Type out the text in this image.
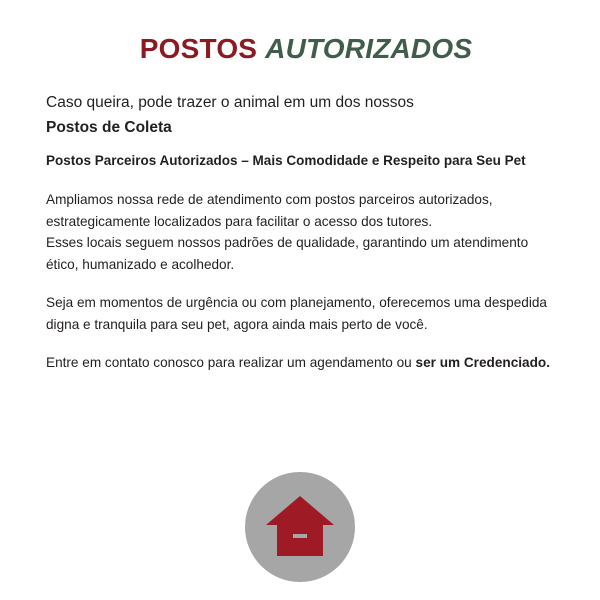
POSTOS AUTORIZADOS

Caso queira, pode trazer o animal em um dos nossos

Postos de Coleta

Postos Parceiros Autorizados – Mais Comodidade e Respeito para Seu Pet

Ampliamos nossa rede de atendimento com postos parceiros autorizados, estrategicamente localizados para facilitar o acesso dos tutores.

Esses locais seguem nossos padrões de qualidade, garantindo um atendimento ético, humanizado e acolhedor.

Seja em momentos de urgência ou com planejamento, oferecemos uma despedida digna e tranquila para seu pet, agora ainda mais perto de você.

Entre em contato conosco para realizar um agendamento ou ser um Credenciado.
